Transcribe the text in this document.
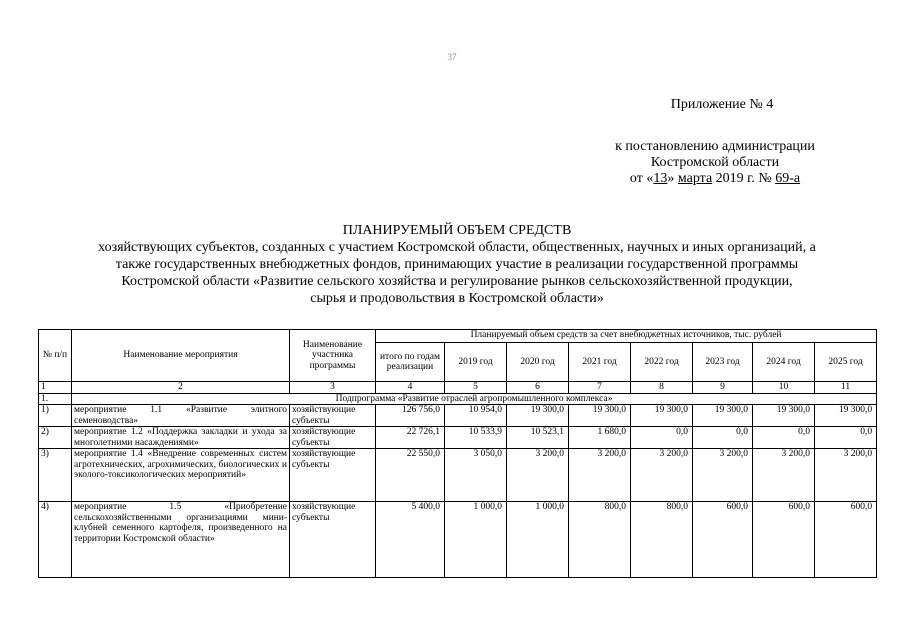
37
Приложение № 4
к постановлению администрации
Костромской области
от «13» марта 2019 г. № 69-а
ПЛАНИРУЕМЫЙ ОБЪЕМ СРЕДСТВ
хозяйствующих субъектов, созданных с участием Костромской области, общественных, научных и иных организаций, а
также государственных внебюджетных фондов, принимающих участие в реализации государственной программы
Костромской области «Развитие сельского хозяйства и регулирование рынков сельскохозяйственной продукции,
сырья и продовольствия в Костромской области»
№ п/п	Наименование мероприятия	Наименование участника программы	Планируемый объем средств за счет внебюджетных источников, тыс. рублей							
			итого по годам реализации	2019 год	2020 год	2021 год	2022 год	2023 год	2024 год	2025 год
1	2	3	4	5	6	7	8	9	10	11
1.	Подпрограмма «Развитие отраслей агропромышленного комплекса»									
1)	мероприятие 1.1 «Развитие элитного семеноводства»	хозяйствующие субъекты	126 756,0	10 954,0	19 300,0	19 300,0	19 300,0	19 300,0	19 300,0	19 300,0
2)	мероприятие 1.2 «Поддержка закладки и ухода за многолетними насаждениями»	хозяйствующие субъекты	22 726,1	10 533,9	10 523,1	1 680,0	0,0	0,0	0,0	0,0
3)	мероприятие 1.4 «Внедрение современных систем агротехнических, агрохимических, биологических и эколого-токсикологических мероприятий»	хозяйствующие субъекты	22 550,0	3 050,0	3 200,0	3 200,0	3 200,0	3 200,0	3 200,0	3 200,0
4)	мероприятие 1.5 «Приобретение сельскохозяйственными организациями мини-клубней семенного картофеля, произведенного на территории Костромской области»	хозяйствующие субъекты	5 400,0	1 000,0	1 000,0	800,0	800,0	600,0	600,0	600,0
